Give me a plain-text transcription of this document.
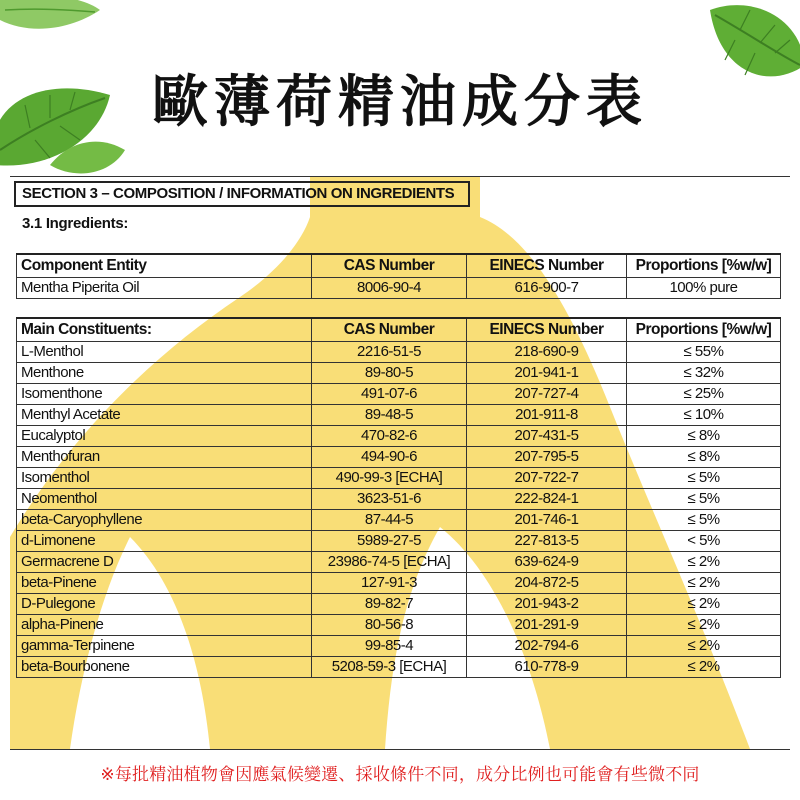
歐薄荷精油成分表
SECTION 3 – COMPOSITION / INFORMATION ON INGREDIENTS
3.1 Ingredients:
Component Entity	CAS Number	EINECS Number	Proportions [%w/w]
Mentha Piperita Oil	8006-90-4	616-900-7	100% pure
Main Constituents:	CAS Number	EINECS Number	Proportions [%w/w]
L-Menthol	2216-51-5	218-690-9	≤ 55%
Menthone	89-80-5	201-941-1	≤ 32%
Isomenthone	491-07-6	207-727-4	≤ 25%
Menthyl Acetate	89-48-5	201-911-8	≤ 10%
Eucalyptol	470-82-6	207-431-5	≤ 8%
Menthofuran	494-90-6	207-795-5	≤ 8%
Isomenthol	490-99-3 [ECHA]	207-722-7	≤ 5%
Neomenthol	3623-51-6	222-824-1	≤ 5%
beta-Caryophyllene	87-44-5	201-746-1	≤ 5%
d-Limonene	5989-27-5	227-813-5	< 5%
Germacrene D	23986-74-5 [ECHA]	639-624-9	≤ 2%
beta-Pinene	127-91-3	204-872-5	≤ 2%
D-Pulegone	89-82-7	201-943-2	≤ 2%
alpha-Pinene	80-56-8	201-291-9	≤ 2%
gamma-Terpinene	99-85-4	202-794-6	≤ 2%
beta-Bourbonene	5208-59-3 [ECHA]	610-778-9	≤ 2%
※每批精油植物會因應氣候變遷、採收條件不同，成分比例也可能會有些微不同
